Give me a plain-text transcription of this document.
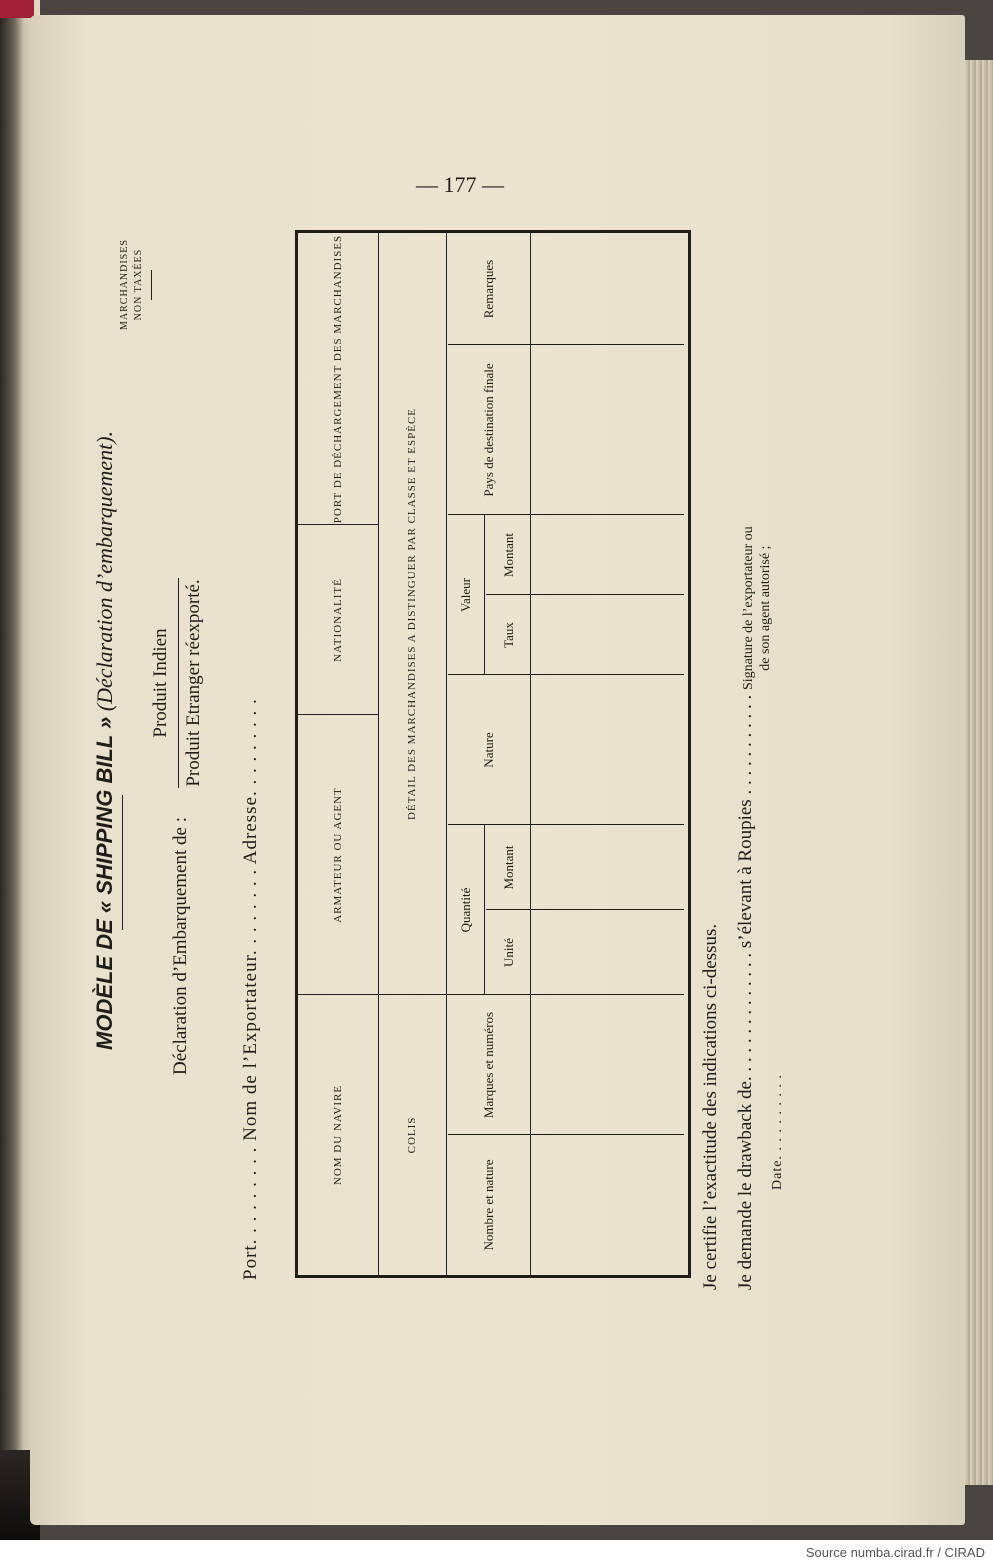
— 177 —
MODÈLE DE « SHIPPING BILL » (Déclaration d’embarquement).
MARCHANDISES NON TAXÉES
Déclaration d’Embarquement de :
Produit Indien Produit Etranger réexporté.
Port. . . . . . . . . Nom de l’Exportateur. . . . . . . . Adresse. . . . . . . . .	NOM DU NAVIRE
ARMATEUR OU AGENT
NATIONALITÉ
PORT DE DÉCHARGEMENT DES MARCHANDISES
COLIS
DÉTAIL DES MARCHANDISES A DISTINGUER PAR CLASSE ET ESPÈCE
Nombre et nature
Marques et numéros
Quantité
Unité
Montant
Nature
Valeur
Taux
Montant
Pays de destination finale
Remarques
Je certifie l’exactitude des indications ci-dessus. Je demande le drawback de. . . . . . . . . . . . . . s’élevant à Roupies . . . . . . . . . . . Date. . . . . . . . . .
Signature de l’exportateur ou de son agent autorisé ;
Source numba.cirad.fr / CIRAD
